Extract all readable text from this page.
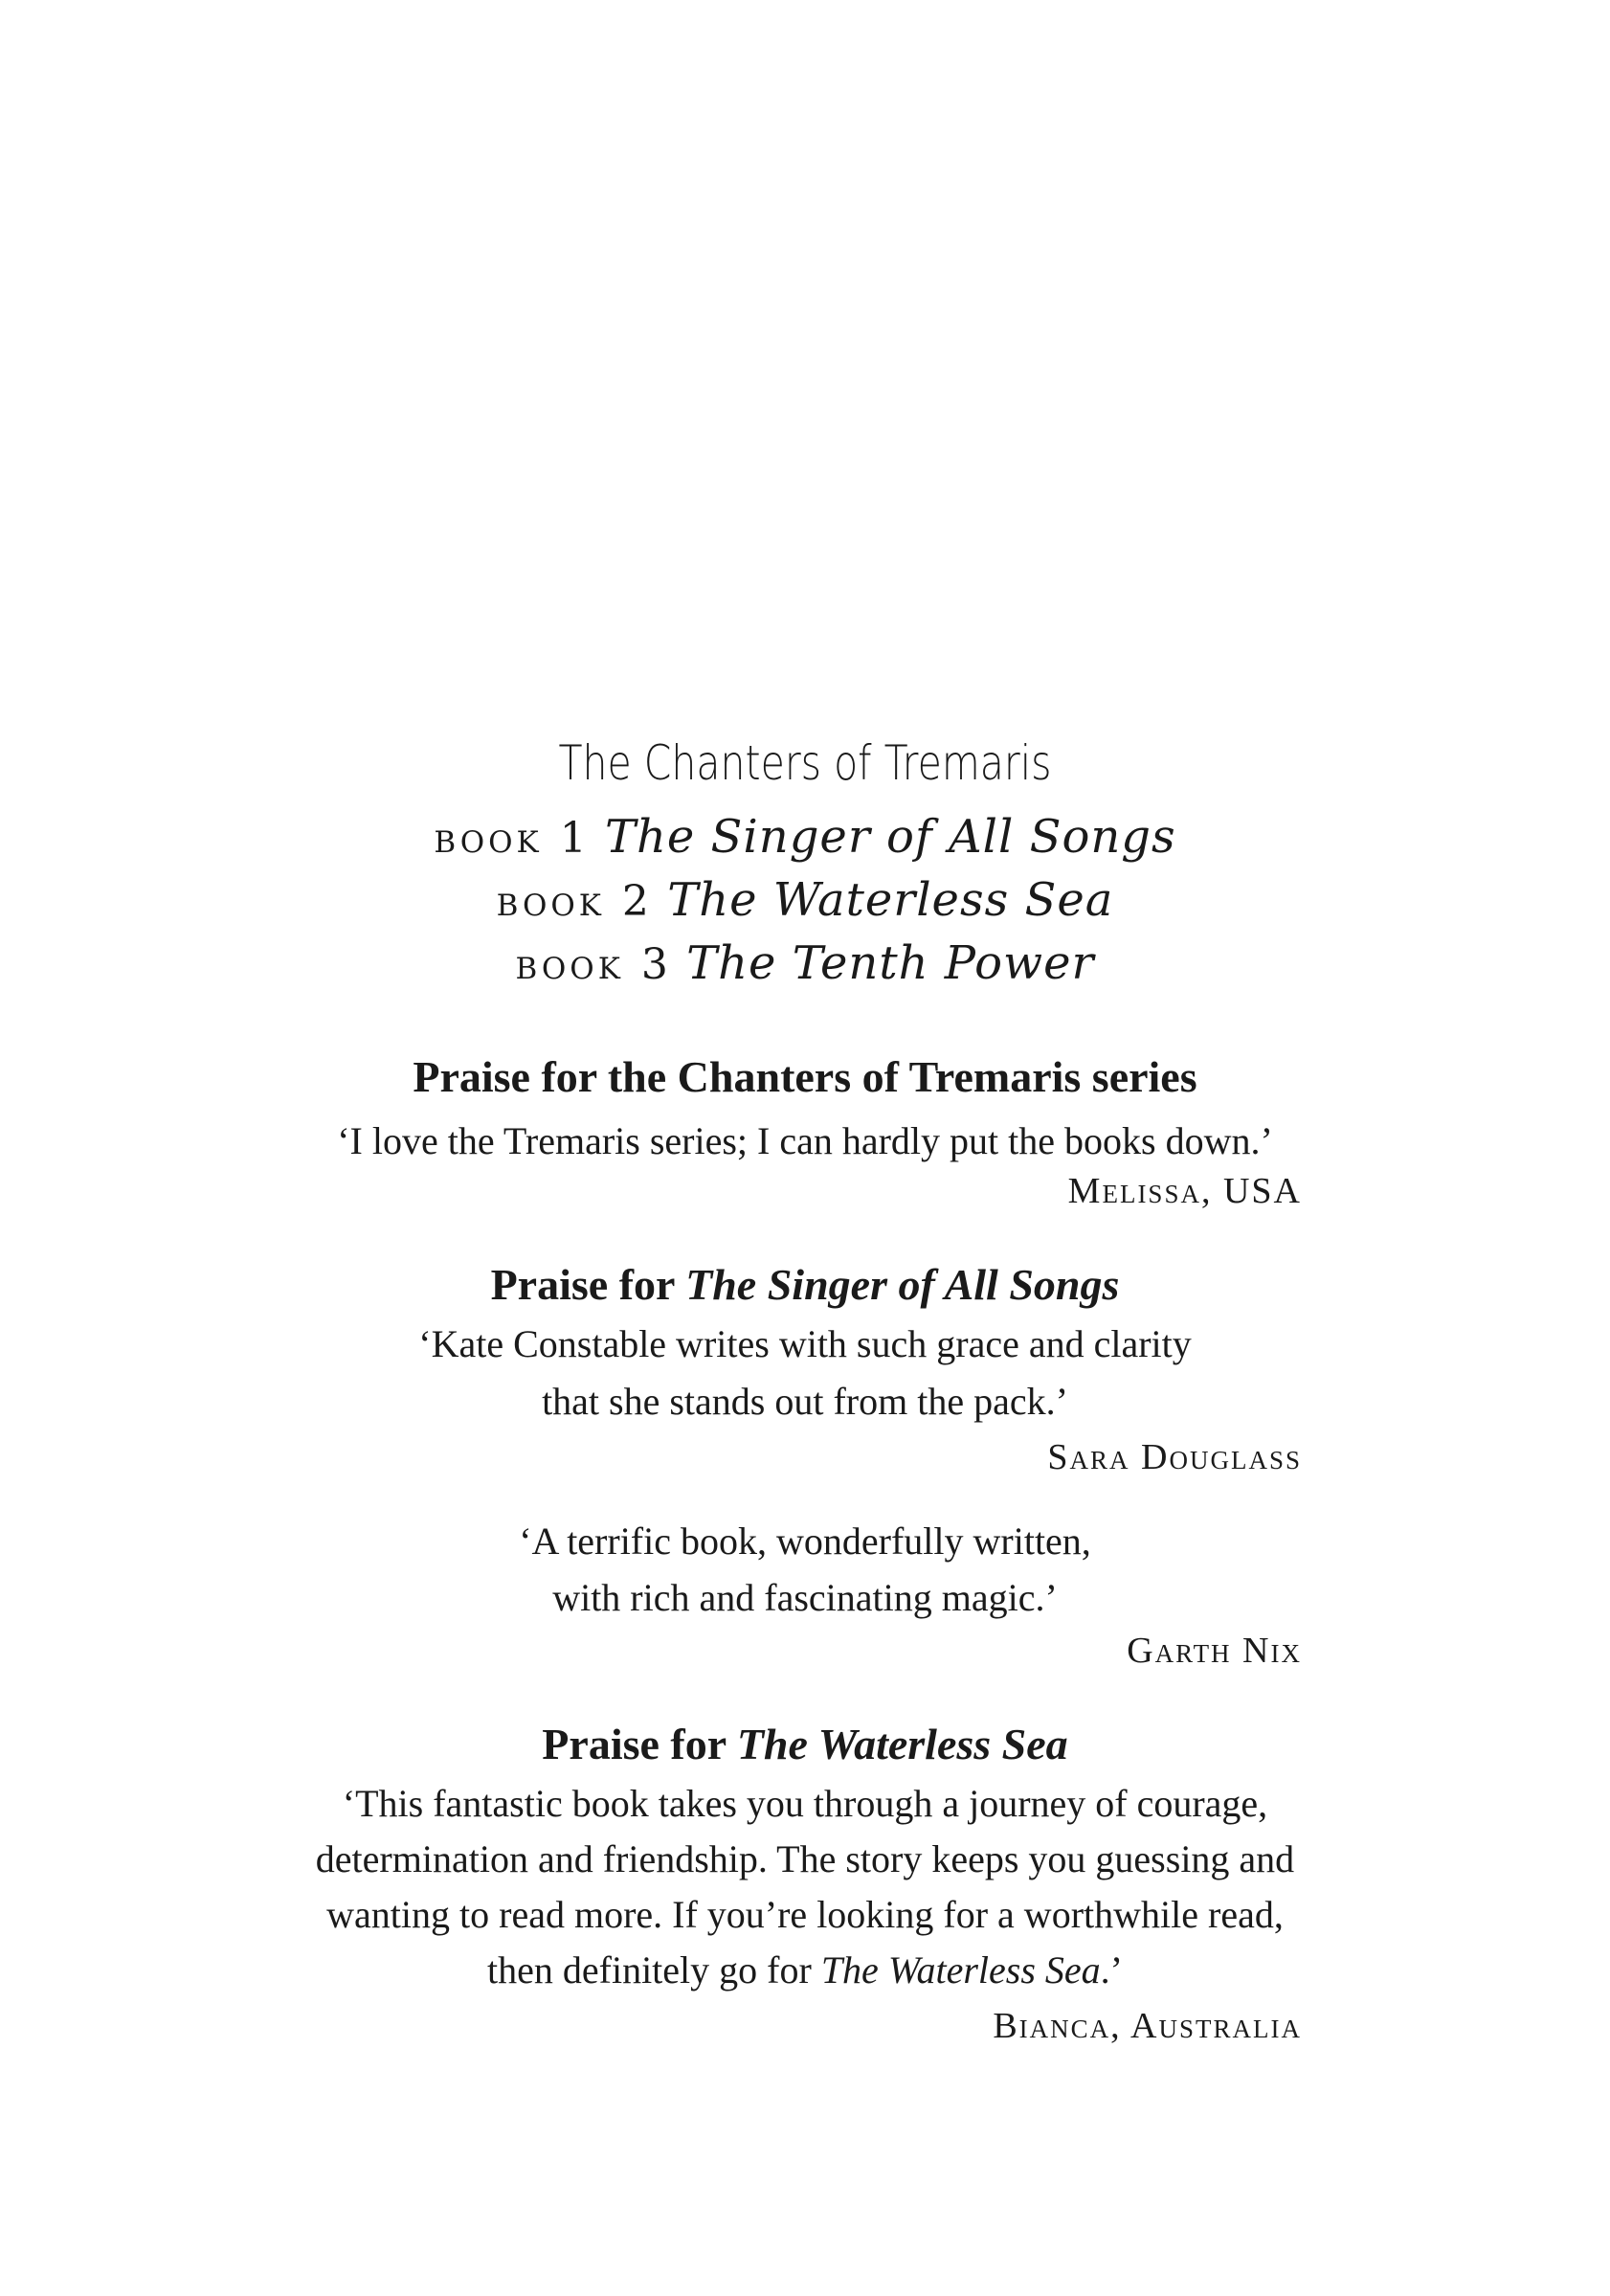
The Chanters of Tremaris
book 1 The Singer of All Songs
book 2 The Waterless Sea
book 3 The Tenth Power
Praise for the Chanters of Tremaris series
‘I love the Tremaris series; I can hardly put the books down.’
Melissa, USA
Praise for The Singer of All Songs
‘Kate Constable writes with such grace and clarity
that she stands out from the pack.’
Sara Douglass
‘A terrific book, wonderfully written,
with rich and fascinating magic.’
Garth Nix
Praise for The Waterless Sea
‘This fantastic book takes you through a journey of courage,
determination and friendship. The story keeps you guessing and
wanting to read more. If you’re looking for a worthwhile read,
then definitely go for The Waterless Sea.’
Bianca, Australia
